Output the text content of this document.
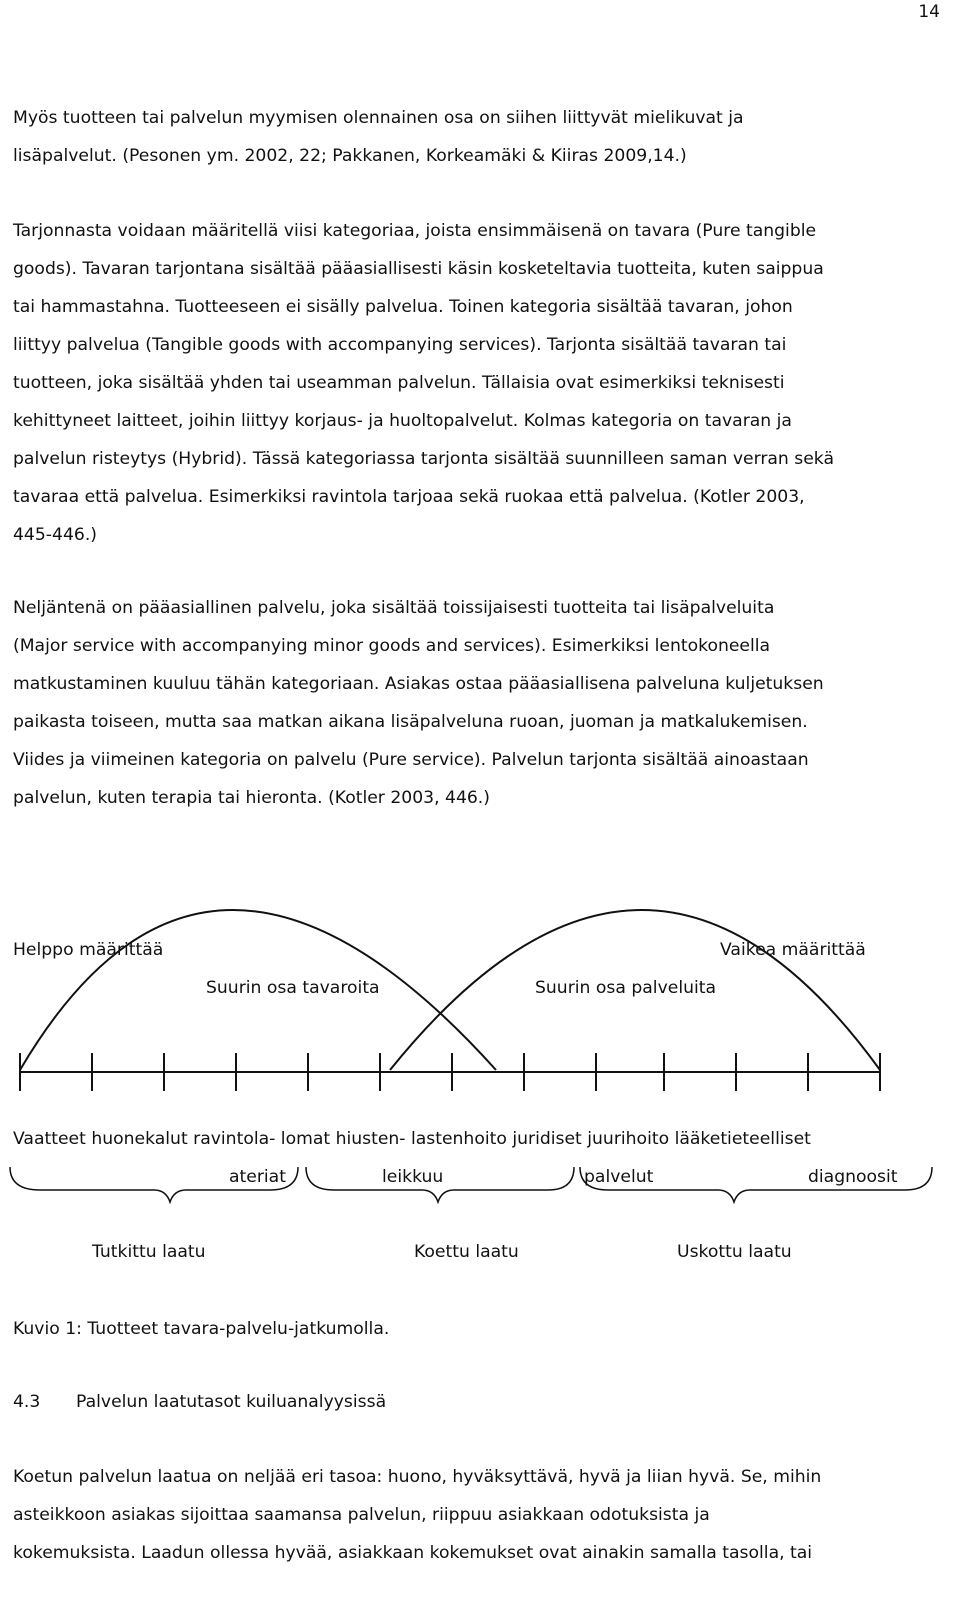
14

Myös tuotteen tai palvelun myymisen olennainen osa on siihen liittyvät mielikuvat ja
lisäpalvelut. (Pesonen ym. 2002, 22; Pakkanen, Korkeamäki & Kiiras 2009,14.)

Tarjonnasta voidaan määritellä viisi kategoriaa, joista ensimmäisenä on tavara (Pure tangible
goods). Tavaran tarjontana sisältää pääasiallisesti käsin kosketeltavia tuotteita, kuten saippua
tai hammastahna. Tuotteeseen ei sisälly palvelua. Toinen kategoria sisältää tavaran, johon
liittyy palvelua (Tangible goods with accompanying services). Tarjonta sisältää tavaran tai
tuotteen, joka sisältää yhden tai useamman palvelun. Tällaisia ovat esimerkiksi teknisesti
kehittyneet laitteet, joihin liittyy korjaus- ja huoltopalvelut. Kolmas kategoria on tavaran ja
palvelun risteytys (Hybrid). Tässä kategoriassa tarjonta sisältää suunnilleen saman verran sekä
tavaraa että palvelua. Esimerkiksi ravintola tarjoaa sekä ruokaa että palvelua. (Kotler 2003,
445-446.)

Neljäntenä on pääasiallinen palvelu, joka sisältää toissijaisesti tuotteita tai lisäpalveluita
(Major service with accompanying minor goods and services). Esimerkiksi lentokoneella
matkustaminen kuuluu tähän kategoriaan. Asiakas ostaa pääasiallisena palveluna kuljetuksen
paikasta toiseen, mutta saa matkan aikana lisäpalveluna ruoan, juoman ja matkalukemisen.
Viides ja viimeinen kategoria on palvelu (Pure service). Palvelun tarjonta sisältää ainoastaan
palvelun, kuten terapia tai hieronta. (Kotler 2003, 446.)

Helppo määrittää	Vaikea määrittää
Suurin osa tavaroita	Suurin osa palveluita
Vaatteet huonekalut ravintola- lomat hiusten- lastenhoito juridiset juurihoito lääketieteelliset
ateriat	leikkuu	palvelut	diagnoosit
Tutkittu laatu	Koettu laatu	Uskottu laatu
Kuvio 1: Tuotteet tavara-palvelu-jatkumolla.
4.3 Palvelun laatutasot kuiluanalyysissä

Koetun palvelun laatua on neljää eri tasoa: huono, hyväksyttävä, hyvä ja liian hyvä. Se, mihin
asteikkoon asiakas sijoittaa saamansa palvelun, riippuu asiakkaan odotuksista ja
kokemuksista. Laadun ollessa hyvää, asiakkaan kokemukset ovat ainakin samalla tasolla, tai
